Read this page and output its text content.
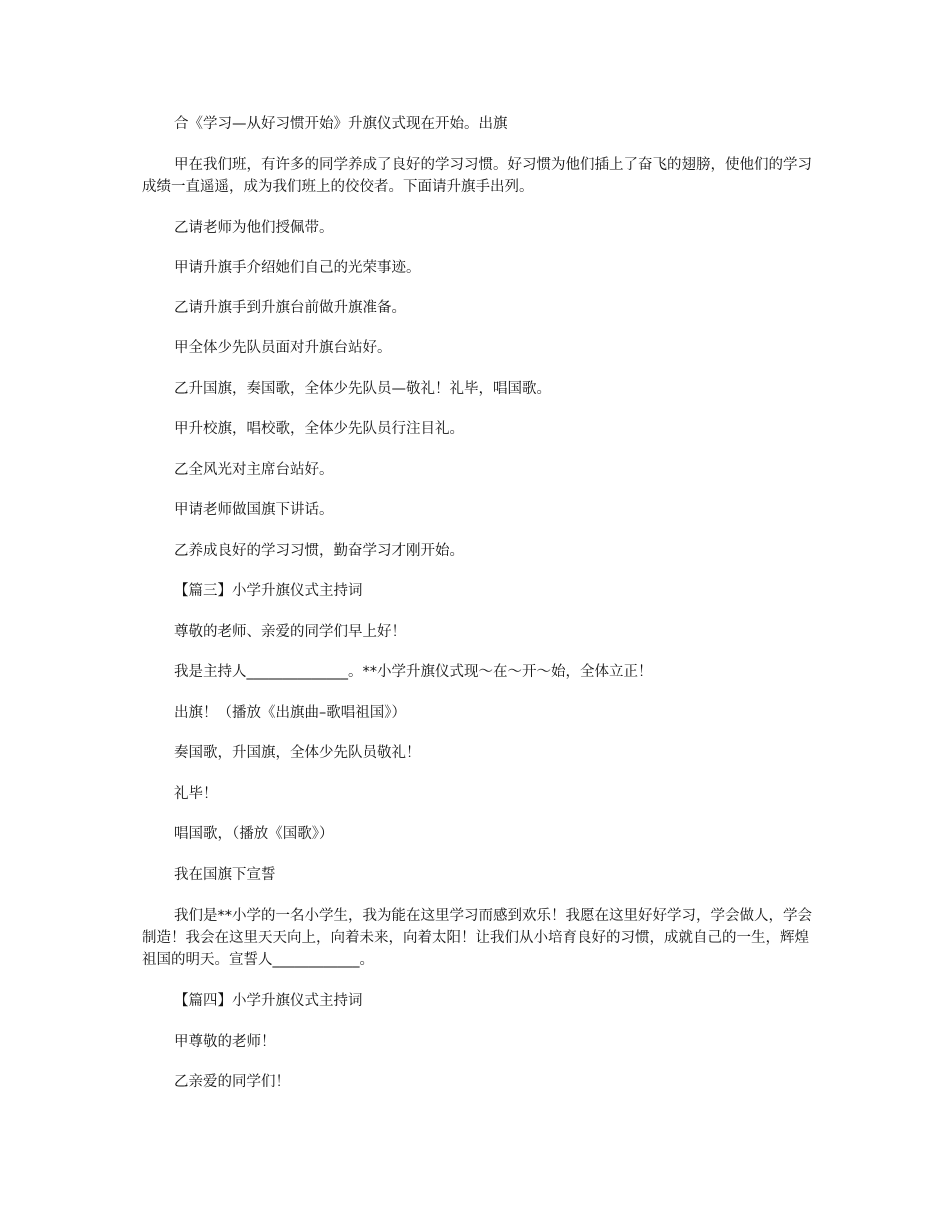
合《学习—从好习惯开始》升旗仪式现在开始。出旗

甲在我们班，有许多的同学养成了良好的学习习惯。好习惯为他们插上了奋飞的翅膀，使他们的学习成绩一直遥遥，成为我们班上的佼佼者。下面请升旗手出列。

乙请老师为他们授佩带。

甲请升旗手介绍她们自己的光荣事迹。

乙请升旗手到升旗台前做升旗准备。

甲全体少先队员面对升旗台站好。

乙升国旗，奏国歌，全体少先队员—敬礼！礼毕，唱国歌。

甲升校旗，唱校歌，全体少先队员行注目礼。

乙全风光对主席台站好。

甲请老师做国旗下讲话。

乙养成良好的学习习惯，勤奋学习才刚开始。

【篇三】小学升旗仪式主持词

尊敬的老师、亲爱的同学们早上好！

我是主持人______________。**小学升旗仪式现～在～开～始，全体立正！

出旗！（播放《出旗曲–歌唱祖国》）

奏国歌，升国旗，全体少先队员敬礼！

礼毕！

唱国歌，（播放《国歌》）

我在国旗下宣誓

我们是**小学的一名小学生，我为能在这里学习而感到欢乐！我愿在这里好好学习，学会做人，学会制造！我会在这里天天向上，向着未来，向着太阳！让我们从小培育良好的习惯，成就自己的一生，辉煌祖国的明天。宣誓人____________。

【篇四】小学升旗仪式主持词

甲尊敬的老师！

乙亲爱的同学们！
